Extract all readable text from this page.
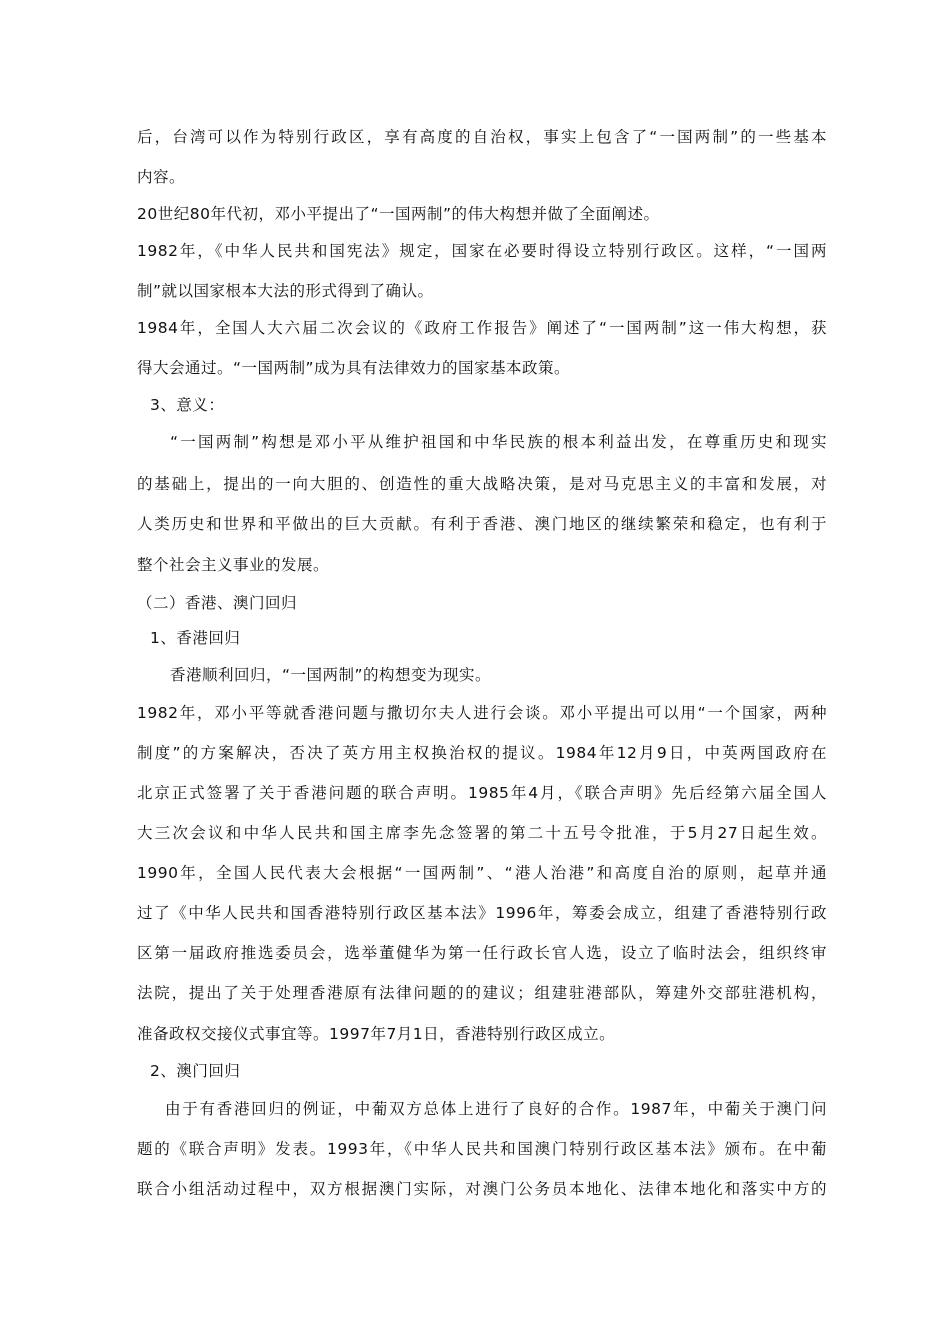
后，台湾可以作为特别行政区，享有高度的自治权，事实上包含了“一国两制”的一些基本
内容。
20世纪80年代初，邓小平提出了“一国两制”的伟大构想并做了全面阐述。
1982年，《中华人民共和国宪法》规定，国家在必要时得设立特别行政区。这样，“一国两
制”就以国家根本大法的形式得到了确认。
1984年，全国人大六届二次会议的《政府工作报告》阐述了“一国两制”这一伟大构想，获
得大会通过。“一国两制”成为具有法律效力的国家基本政策。
3、意义：
“一国两制”构想是邓小平从维护祖国和中华民族的根本利益出发，在尊重历史和现实
的基础上，提出的一向大胆的、创造性的重大战略决策，是对马克思主义的丰富和发展，对
人类历史和世界和平做出的巨大贡献。有利于香港、澳门地区的继续繁荣和稳定，也有利于
整个社会主义事业的发展。
（二）香港、澳门回归
1、香港回归
香港顺利回归，“一国两制”的构想变为现实。
1982年，邓小平等就香港问题与撒切尔夫人进行会谈。邓小平提出可以用“一个国家，两种
制度”的方案解决，否决了英方用主权换治权的提议。1984年12月9日，中英两国政府在
北京正式签署了关于香港问题的联合声明。1985年4月，《联合声明》先后经第六届全国人
大三次会议和中华人民共和国主席李先念签署的第二十五号令批准，于5月27日起生效。
1990年，全国人民代表大会根据“一国两制”、“港人治港”和高度自治的原则，起草并通
过了《中华人民共和国香港特别行政区基本法》1996年，筹委会成立，组建了香港特别行政
区第一届政府推选委员会，选举董健华为第一任行政长官人选，设立了临时法会，组织终审
法院，提出了关于处理香港原有法律问题的的建议；组建驻港部队，筹建外交部驻港机构，
准备政权交接仪式事宜等。1997年7月1日，香港特别行政区成立。
2、澳门回归
由于有香港回归的例证，中葡双方总体上进行了良好的合作。1987年，中葡关于澳门问
题的《联合声明》发表。1993年，《中华人民共和国澳门特别行政区基本法》颁布。在中葡
联合小组活动过程中，双方根据澳门实际，对澳门公务员本地化、法律本地化和落实中方的
